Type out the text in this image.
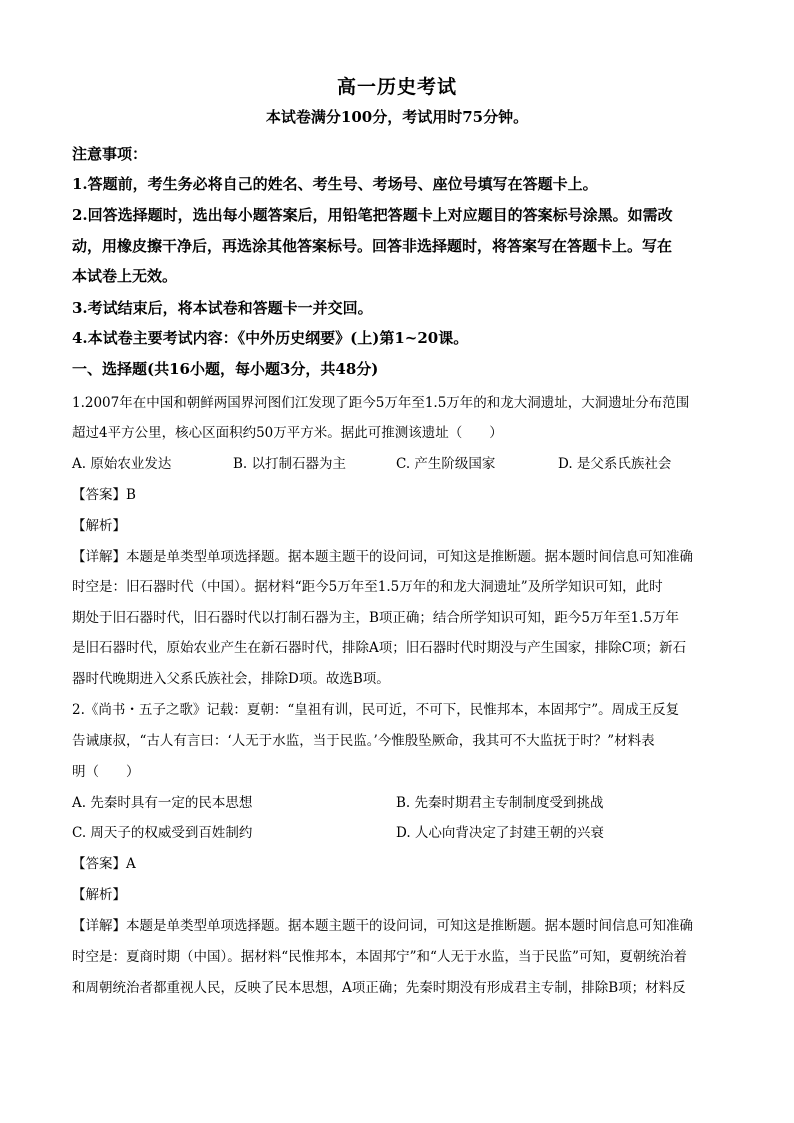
高一历史考试
本试卷满分100分，考试用时75分钟。
注意事项：
1.答题前，考生务必将自己的姓名、考生号、考场号、座位号填写在答题卡上。
2.回答选择题时，选出每小题答案后，用铅笔把答题卡上对应题目的答案标号涂黑。如需改
动，用橡皮擦干净后，再选涂其他答案标号。回答非选择题时，将答案写在答题卡上。写在
本试卷上无效。
3.考试结束后，将本试卷和答题卡一并交回。
4.本试卷主要考试内容：《中外历史纲要》(上)第1~20课。
一、选择题(共16小题，每小题3分，共48分)
1.2007年在中国和朝鲜两国界河图们江发现了距今5万年至1.5万年的和龙大洞遗址，大洞遗址分布范围
超过4平方公里，核心区面积约50万平方米。据此可推测该遗址（　　）
A. 原始农业发达	B. 以打制石器为主	C. 产生阶级国家	D. 是父系氏族社会
【答案】B
【解析】
【详解】本题是单类型单项选择题。据本题主题干的设问词，可知这是推断题。据本题时间信息可知准确
时空是：旧石器时代（中国）。据材料“距今5万年至1.5万年的和龙大洞遗址”及所学知识可知，此时
期处于旧石器时代，旧石器时代以打制石器为主，B项正确；结合所学知识可知，距今5万年至1.5万年
是旧石器时代，原始农业产生在新石器时代，排除A项；旧石器时代时期没与产生国家，排除C项；新石
器时代晚期进入父系氏族社会，排除D项。故选B项。
2.《尚书・五子之歌》记载：夏朝：“皇祖有训，民可近，不可下，民惟邦本，本固邦宁”。周成王反复
告诫康叔，“古人有言曰：‘人无于水监，当于民监。’今惟殷坠厥命，我其可不大监抚于时？”材料表
明（　　）
A. 先秦时具有一定的民本思想	B. 先秦时期君主专制制度受到挑战
C. 周天子的权威受到百姓制约	D. 人心向背决定了封建王朝的兴衰
【答案】A
【解析】
【详解】本题是单类型单项选择题。据本题主题干的设问词，可知这是推断题。据本题时间信息可知准确
时空是：夏商时期（中国）。据材料“民惟邦本，本固邦宁”和“人无于水监，当于民监”可知，夏朝统治着
和周朝统治者都重视人民，反映了民本思想，A项正确；先秦时期没有形成君主专制，排除B项；材料反
